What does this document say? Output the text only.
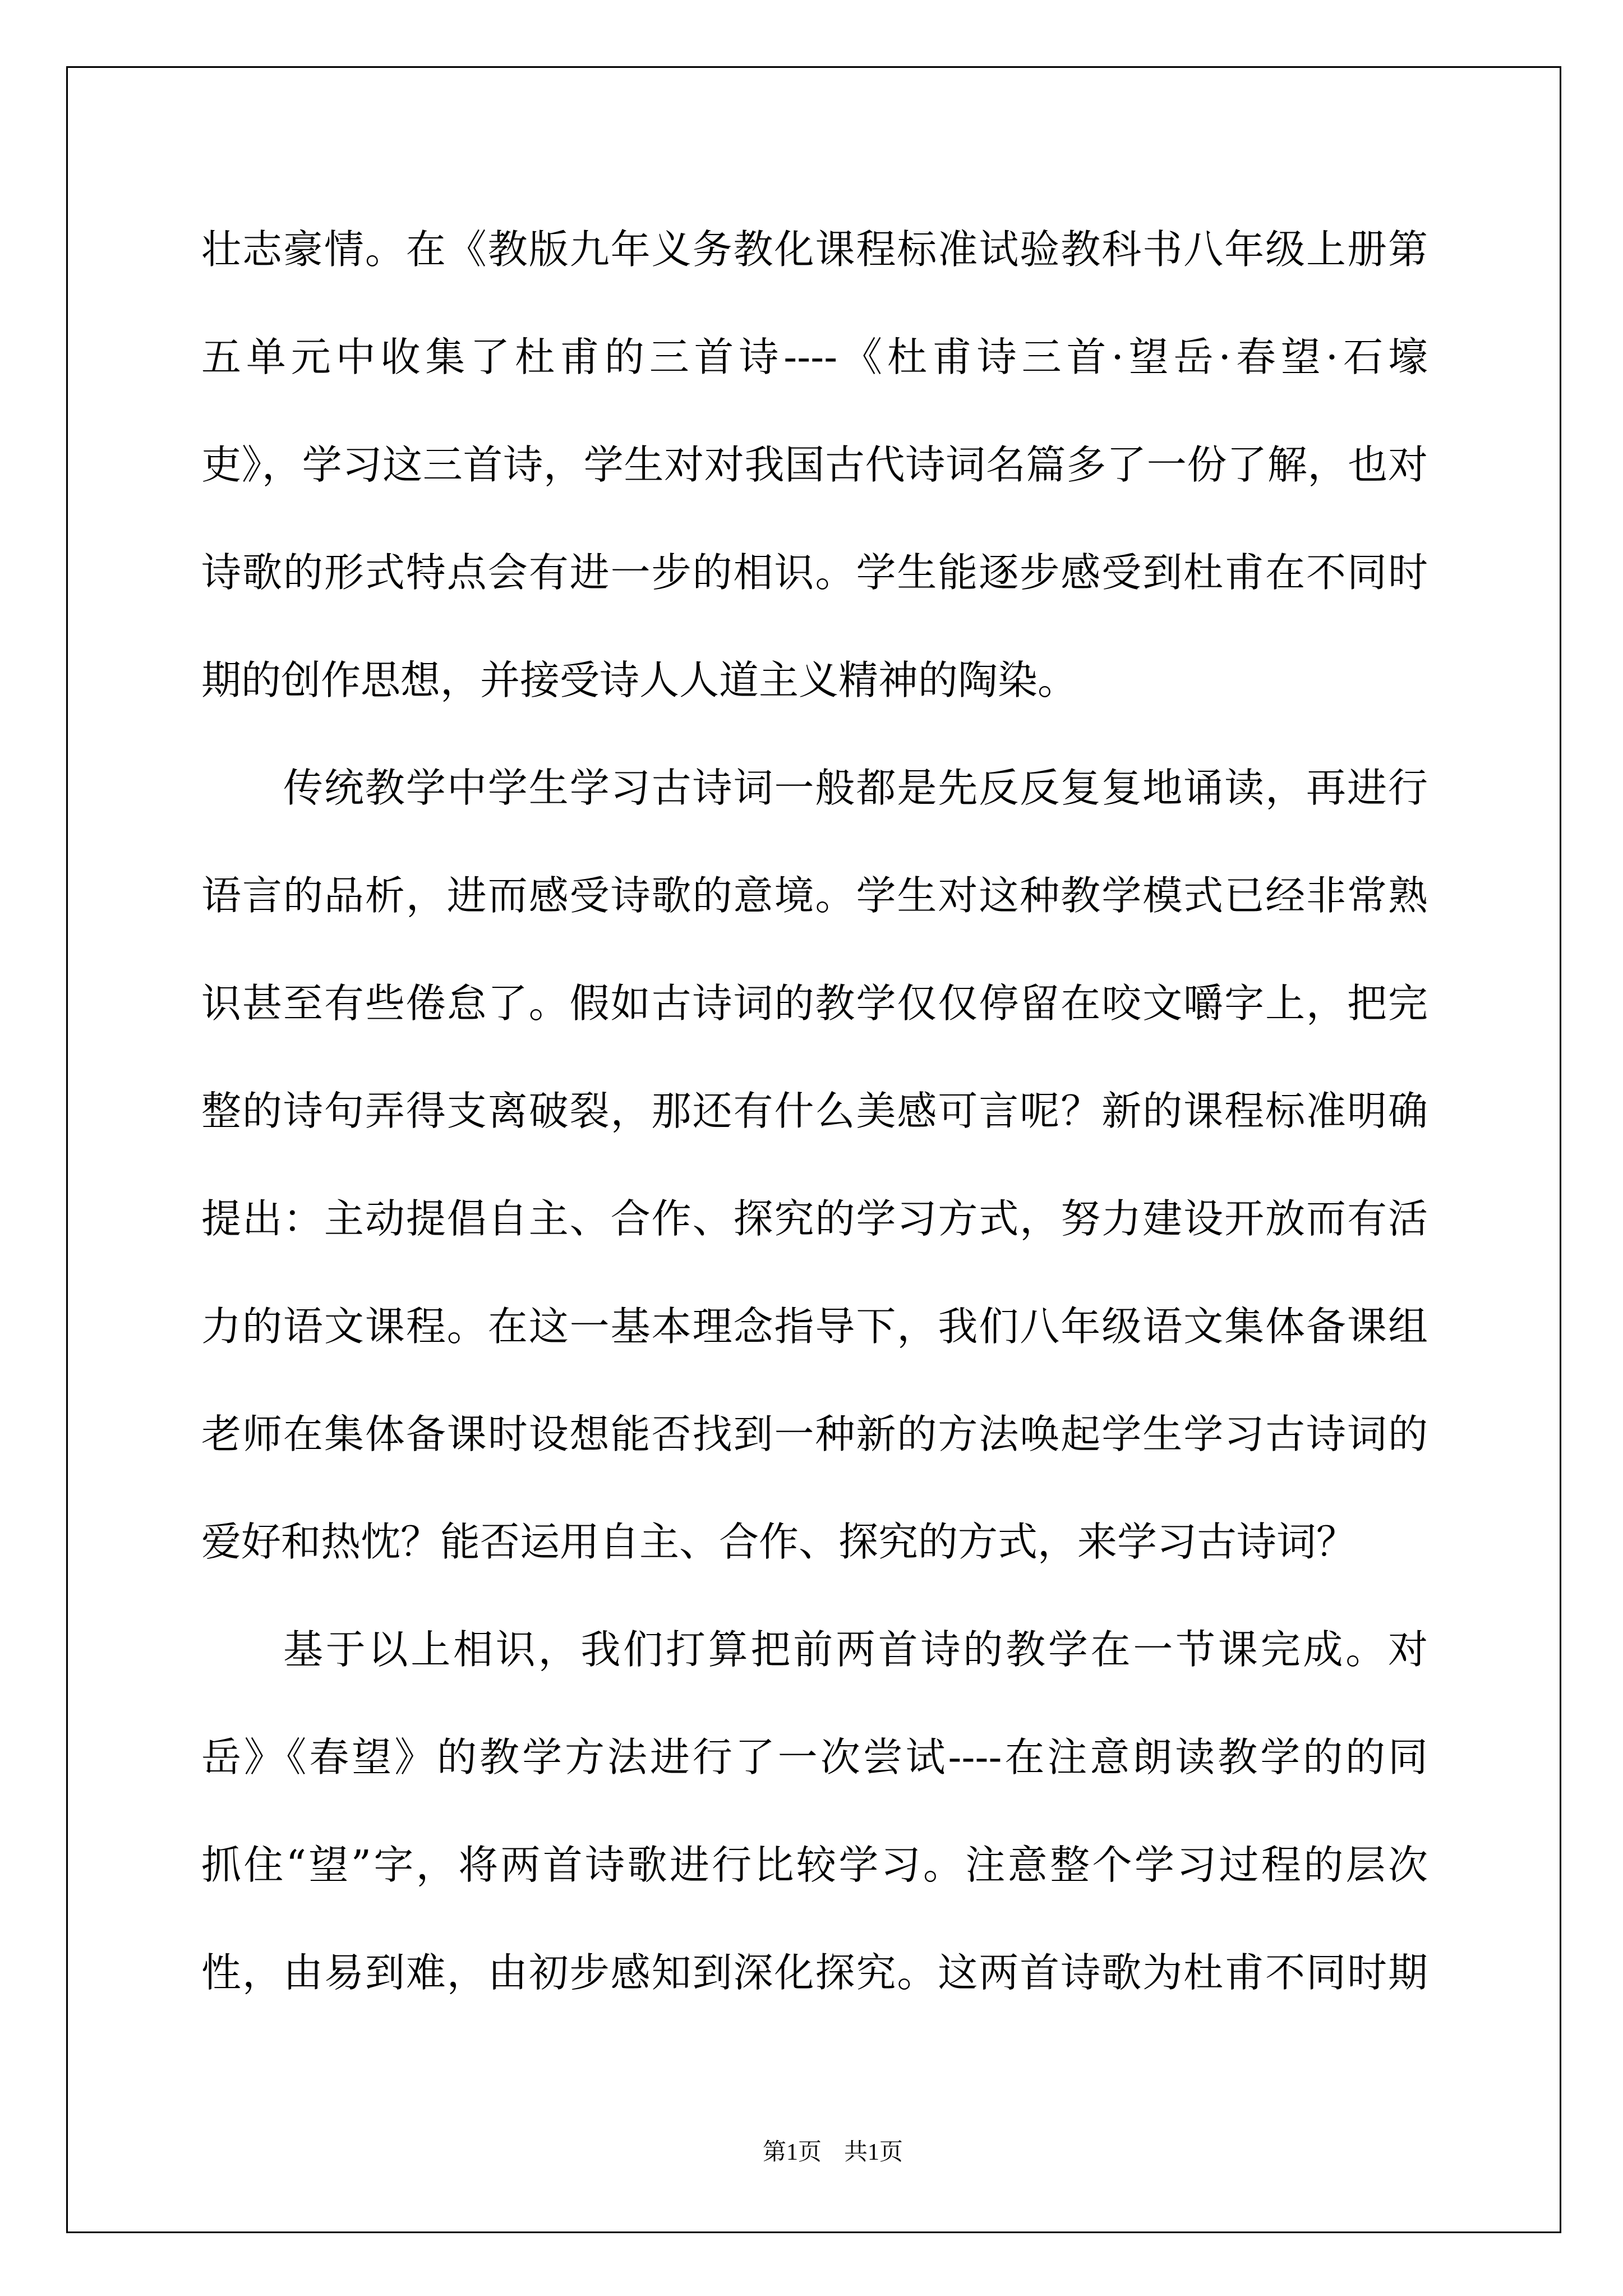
壮志豪情。在《教版九年义务教化课程标准试验教科书八年级上册第
五单元中收集了杜甫的三首诗----《杜甫诗三首·望岳·春望·石壕
吏》，学习这三首诗，学生对对我国古代诗词名篇多了一份了解，也对
诗歌的形式特点会有进一步的相识。学生能逐步感受到杜甫在不同时
期的创作思想，并接受诗人人道主义精神的陶染。
传统教学中学生学习古诗词一般都是先反反复复地诵读，再进行
语言的品析，进而感受诗歌的意境。学生对这种教学模式已经非常熟
识甚至有些倦怠了。假如古诗词的教学仅仅停留在咬文嚼字上，把完
整的诗句弄得支离破裂，那还有什么美感可言呢？新的课程标准明确
提出：主动提倡自主、合作、探究的学习方式，努力建设开放而有活
力的语文课程。在这一基本理念指导下，我们八年级语文集体备课组
老师在集体备课时设想能否找到一种新的方法唤起学生学习古诗词的
爱好和热忱？能否运用自主、合作、探究的方式，来学习古诗词？
基于以上相识，我们打算把前两首诗的教学在一节课完成。对
岳》《春望》的教学方法进行了一次尝试----在注意朗读教学的的同
抓住“望”字，将两首诗歌进行比较学习。注意整个学习过程的层次
性，由易到难，由初步感知到深化探究。这两首诗歌为杜甫不同时期
第1页 共1页
